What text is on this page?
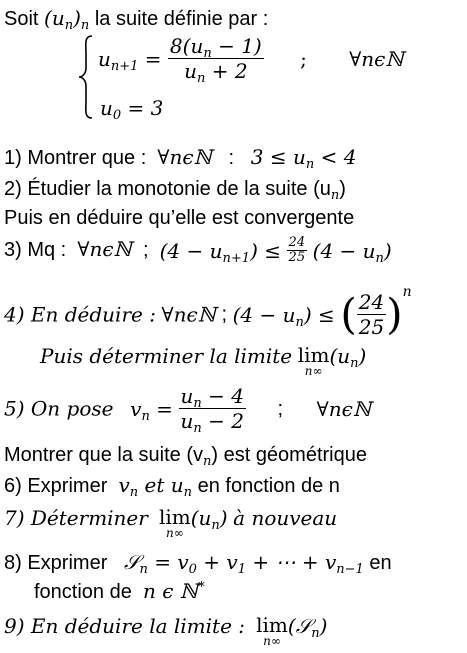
Soit $(u_n)_n$ la suite définie par :
$u_{n+1} = \frac{8(u_n - 1)}{u_n + 2}$ ; ∀nϵℕ
$u_0 = 3$
1) Montrer que : ∀nϵℕ : $3 \le u_n < 4$
2) Étudier la monotonie de la suite $(u_n)$
Puis en déduire qu’elle est convergente
3) Mq : ∀nϵℕ ; $(4 - u_{n+1}) \le \frac{24}{25} (4 - u_n)$
4) En déduire : ∀nϵℕ ; $(4 - u_n)$ ≤ ( $\frac{24}{25} )^n$
Puis déterminer la limite lim
n∞
$(u_n)$
5) On pose $v_n = \frac{u_n - 4}{u_n - 2}$ ; ∀nϵℕ
Montrer que la suite $(v_n)$ est géométrique
6) Exprimer $v_n$ et $u_n$ en fonction de n
7) Déterminer lim
n∞
$(u_n)$ à nouveau
8) Exprimer 𝒮$_n$ = $v_0 + v_1$ + ⋯ + $v_{n-1}$ en
fonction de n ϵ ℕ*
9) En déduire la limite : lim
n∞
(𝒮$_n$)
